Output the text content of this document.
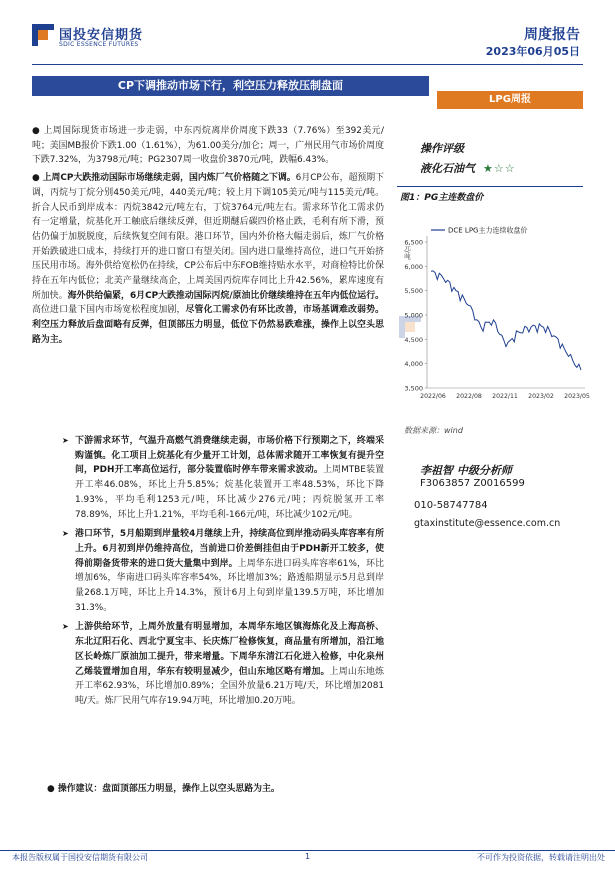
国投安信期货
SDIC ESSENCE FUTURES
周度报告
2023年06月05日
CP下调推动市场下行，利空压力释放压制盘面
LPG周报

● 上周国际现货市场进一步走弱，中东丙烷离岸价周度下跌33（7.76%）至392美元/吨；美国MB报价下跌1.00（1.61%），为61.00美分/加仑；周一，广州民用气市场价周度下跌7.32%，为3798元/吨；PG2307周一收盘价3870元/吨，跌幅6.43%。

● 上周CP大跌推动国际市场继续走弱，国内炼厂气价格随之下调。6月CP公布，超预期下调，丙烷与丁烷分别450美元/吨，440美元/吨；较上月下调105美元/吨与115美元/吨。折合人民币到岸成本：丙烷3842元/吨左右，丁烷3764元/吨左右。需求环节化工需求仍有一定增量，烷基化开工触底后继续反弹，但近期醚后碳四价格止跌，毛利有所下滑，预估仍偏于加脱脱度，后续恢复空间有限。港口环节，国内外价格大幅走弱后，炼厂气价格开始跌破进口成本，持续打开的进口窗口有望关闭。国内进口量维持高位，进口气开始挤压民用市场。海外供给宽松仍在持续，CP公布后中东FOB维持贴水水平，对商检特比价保持在五年内低位；北美产量继续高企，上周美国丙烷库存同比上升42.56%，累库速度有所加快。海外供给偏紧，6月CP大跌推动国际丙烷/原油比价继续维持在五年内低位运行。高位进口量下国内市场宽松程度加剧，尽管化工需求仍有环比改善，市场基调难改弱势。利空压力释放后盘面略有反弹，但顶部压力明显，低位下仍然易跌难涨，操作上以空头思路为主。

➤ 下游需求环节，气温升高燃气消费继续走弱，市场价格下行预期之下，终端采购谨慎。化工项目上烷基化有少量开工计划，总体需求随开工率恢复有提升空间，PDH开工率高位运行，部分装置临时停车带来需求波动。上周MTBE装置开工率46.08%，环比上升5.85%；烷基化装置开工率48.53%，环比下降1.93%，平均毛利1253元/吨，环比减少276元/吨；丙烷脱氢开工率78.89%，环比上升1.21%，平均毛利-166元/吨，环比减少102元/吨。
➤ 港口环节，5月船期到岸量较4月继续上升，持续高位到岸推动码头库容率有所上升。6月初到岸仍维持高位，当前进口价差倒挂但由于PDH新开工较多，使得前期备货带来的进口货大量集中到岸。上周华东进口码头库容率61%，环比增加6%，华南进口码头库容率54%，环比增加3%；路透船期显示5月总到岸量268.1万吨，环比上升14.3%，预计6月上旬到岸量139.5万吨，环比增加31.3%。
➤ 上游供给环节，上周外放量有明显增加，本周华东地区镇海炼化及上海高桥、东北辽阳石化、西北宁夏宝丰、长庆炼厂检修恢复，商品量有所增加，沿江地区长岭炼厂原油加工提升，带来增量。下周华东清江石化进入检修，中化泉州乙烯装置增加自用，华东有较明显减少，但山东地区略有增加。上周山东地炼开工率62.93%，环比增加0.89%；全国外放量6.21万吨/天，环比增加2081吨/天。炼厂民用气库存19.94万吨，环比增加0.20万吨。
● 操作建议：盘面顶部压力明显，操作上以空头思路为主。
操作评级
液化石油气 ★☆☆
图1：PG主连数盘价
3,500
4,000
4,500
5,000
5,500
6,000
6,500
元/吨
2022/06 2022/08 2022/11 2023/02 2023/05
DCE LPG主力连续收盘价
数据来源：wind
李祖智 中级分析师
F3063857 Z0016599
010-58747784
gtaxinstitute@essence.com.cn
本报告版权属于国投安信期货有限公司	1	不可作为投资依据，转载请注明出处
